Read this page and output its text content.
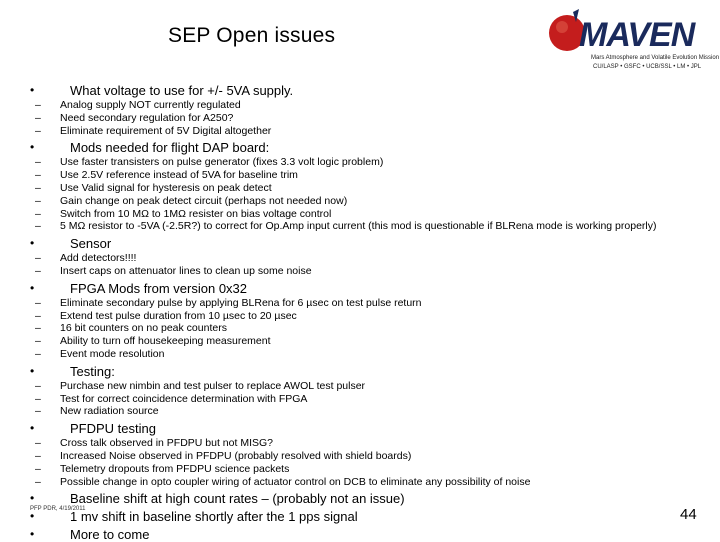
SEP Open issues	MAVEN
Mars Atmosphere and Volatile Evolution Mission
CU/LASP • GSFC • UCB/SSL • LM • JPL
•	What voltage to use for +/- 5VA supply.
– Analog supply NOT currently regulated
– Need secondary regulation for A250?
– Eliminate requirement of 5V Digital altogether
•	Mods needed for flight DAP board:
– Use faster transisters on pulse generator (fixes 3.3 volt logic problem)
– Use 2.5V reference instead of 5VA for baseline trim
– Use Valid signal for hysteresis on peak detect
– Gain change on peak detect circuit (perhaps not needed now)
– Switch from 10 MΩ to 1MΩ resister on bias voltage control
– 5 MΩ resistor to -5VA (-2.5R?) to correct for Op.Amp input current (this mod is questionable if BLRena mode is working properly)
•	Sensor
– Add detectors!!!!
– Insert caps on attenuator lines to clean up some noise
•	FPGA Mods from version 0x32
– Eliminate secondary pulse by applying BLRena for 6 µsec on test pulse return
– Extend test pulse duration from 10 µsec to 20 µsec
– 16 bit counters on no peak counters
– Ability to turn off housekeeping measurement
– Event mode resolution
•	Testing:
– Purchase new nimbin and test pulser to replace AWOL test pulser
– Test for correct coincidence determination with FPGA
– New radiation source
•	PFDPU testing
– Cross talk observed in PFDPU but not MISG?
– Increased Noise observed in PFDPU (probably resolved with shield boards)
– Telemetry dropouts from PFDPU science packets
– Possible change in opto coupler wiring of actuator control on DCB to eliminate any possibility of noise
•	Baseline shift at high count rates – (probably not an issue)
•	1 mv shift in baseline shortly after the 1 pps signal
•	More to come
PFP PDR, 4/19/2011	44
